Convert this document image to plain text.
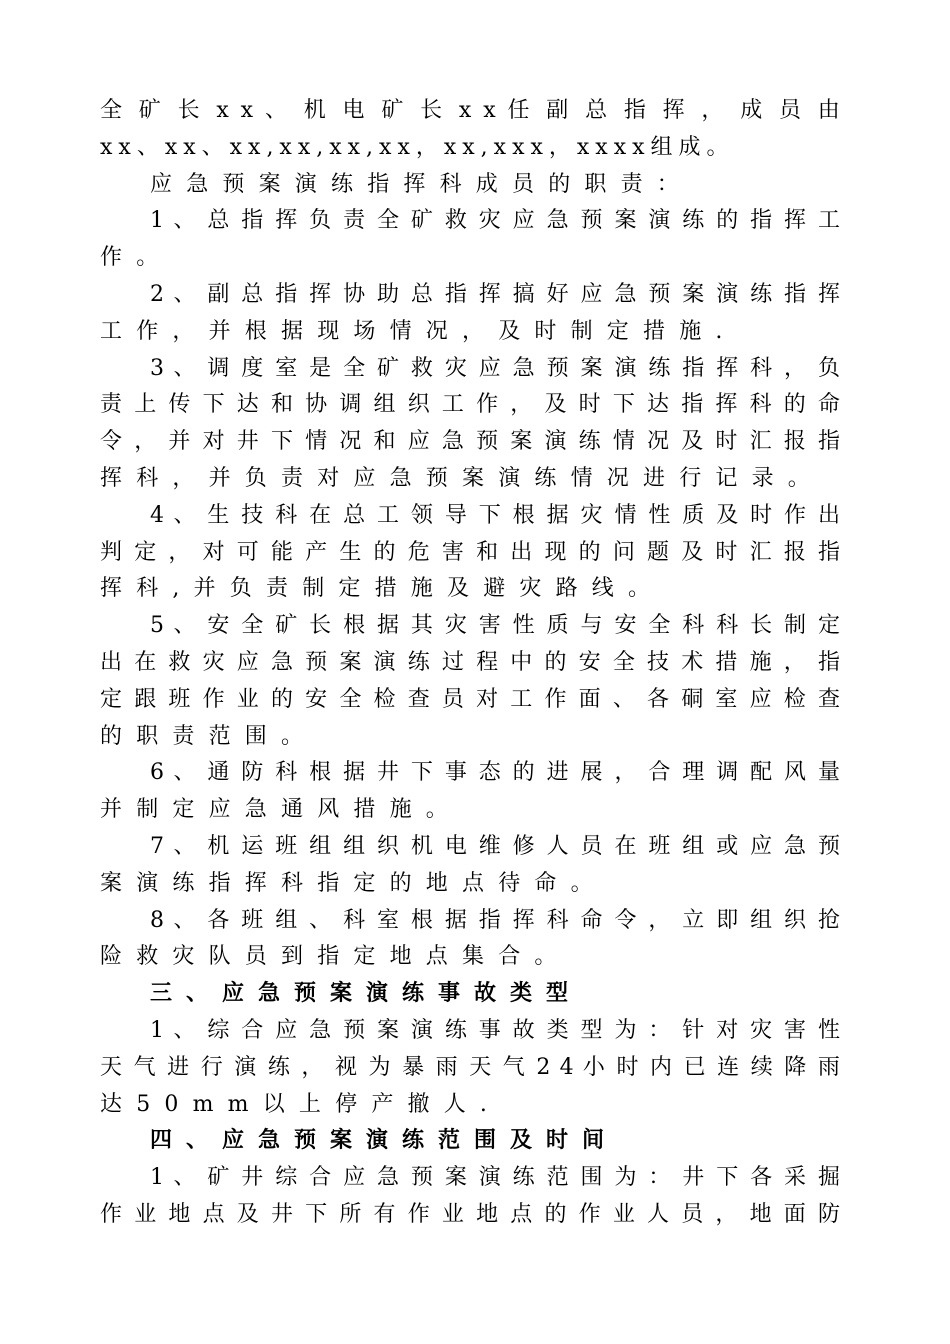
全 矿 长 x x 、 机 电 矿 长 x x 任 副 总 指 挥 ， 成 员 由
xx、xx、xx,xx,xx,xx，xx,xxx，xxxx组成。
应急预案演练指挥科成员的职责：
1 、 总 指 挥 负 责 全 矿 救 灾 应 急 预 案 演 练 的 指 挥 工
作。
2 、 副 总 指 挥 协 助 总 指 挥 搞 好 应 急 预 案 演 练 指 挥
工作，并根据现场情况，及时制定措施.
3 、 调 度 室 是 全 矿 救 灾 应 急 预 案 演 练 指 挥 科 ， 负
责 上 传 下 达 和 协 调 组 织 工 作 ， 及 时 下 达 指 挥 科 的 命
令 ， 并 对 井 下 情 况 和 应 急 预 案 演 练 情 况 及 时 汇 报 指
挥科，并负责对应急预案演练情况进行记录。
4 、 生 技 科 在 总 工 领 导 下 根 据 灾 情 性 质 及 时 作 出
判 定 ， 对 可 能 产 生 的 危 害 和 出 现 的 问 题 及 时 汇 报 指
挥科,并负责制定措施及避灾路线。
5 、 安 全 矿 长 根 据 其 灾 害 性 质 与 安 全 科 科 长 制 定
出 在 救 灾 应 急 预 案 演 练 过 程 中 的 安 全 技 术 措 施 ， 指
定 跟 班 作 业 的 安 全 检 查 员 对 工 作 面 、 各 硐 室 应 检 查
的职责范围。
6 、 通 防 科 根 据 井 下 事 态 的 进 展 ， 合 理 调 配 风 量
并制定应急通风措施。
7 、 机 运 班 组 组 织 机 电 维 修 人 员 在 班 组 或 应 急 预
案演练指挥科指定的地点待命。
8 、 各 班 组 、 科 室 根 据 指 挥 科 命 令 ， 立 即 组 织 抢
险救灾队员到指定地点集合。
三、应急预案演练事故类型
1 、 综 合 应 急 预 案 演 练 事 故 类 型 为 ： 针 对 灾 害 性
天 气 进 行 演 练 ， 视 为 暴 雨 天 气 2 4 小 时 内 已 连 续 降 雨
达50mm以上停产撤人.
四、应急预案演练范围及时间
1 、 矿 井 综 合 应 急 预 案 演 练 范 围 为 ： 井 下 各 采 掘
作 业 地 点 及 井 下 所 有 作 业 地 点 的 作 业 人 员 ， 地 面 防
